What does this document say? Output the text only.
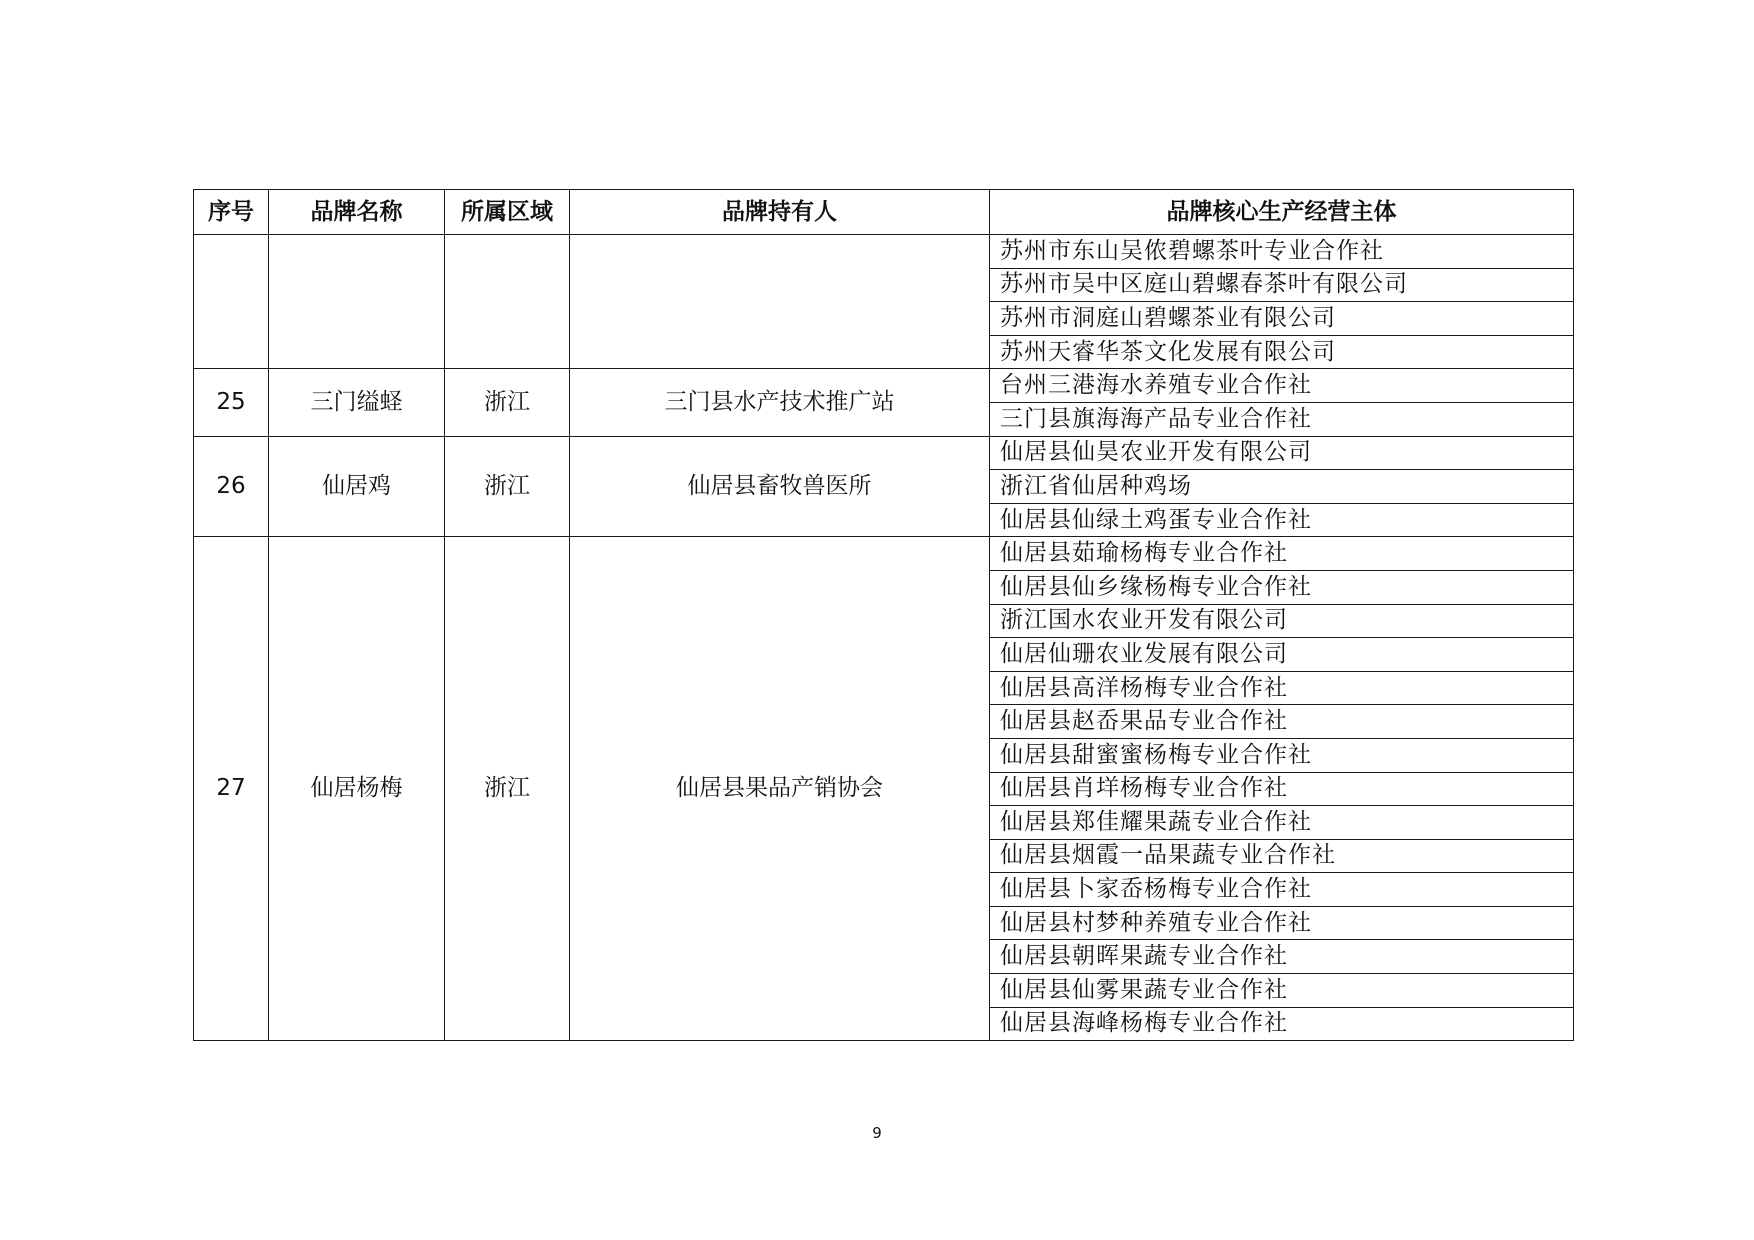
序号	品牌名称	所属区域	品牌持有人	品牌核心生产经营主体
				苏州市东山吴侬碧螺茶叶专业合作社
				苏州市吴中区庭山碧螺春茶叶有限公司
				苏州市洞庭山碧螺茶业有限公司
				苏州天睿华茶文化发展有限公司
25	三门缢蛏	浙江	三门县水产技术推广站	台州三港海水养殖专业合作社
				三门县旗海海产品专业合作社
26	仙居鸡	浙江	仙居县畜牧兽医所	仙居县仙昊农业开发有限公司
				浙江省仙居种鸡场
				仙居县仙绿土鸡蛋专业合作社
27	仙居杨梅	浙江	仙居县果品产销协会	仙居县茹瑜杨梅专业合作社
				仙居县仙乡缘杨梅专业合作社
				浙江国水农业开发有限公司
				仙居仙珊农业发展有限公司
				仙居县高洋杨梅专业合作社
				仙居县赵岙果品专业合作社
				仙居县甜蜜蜜杨梅专业合作社
				仙居县肖垟杨梅专业合作社
				仙居县郑佳耀果蔬专业合作社
				仙居县烟霞一品果蔬专业合作社
				仙居县卜家岙杨梅专业合作社
				仙居县村梦种养殖专业合作社
				仙居县朝晖果蔬专业合作社
				仙居县仙雾果蔬专业合作社
				仙居县海峰杨梅专业合作社
9
